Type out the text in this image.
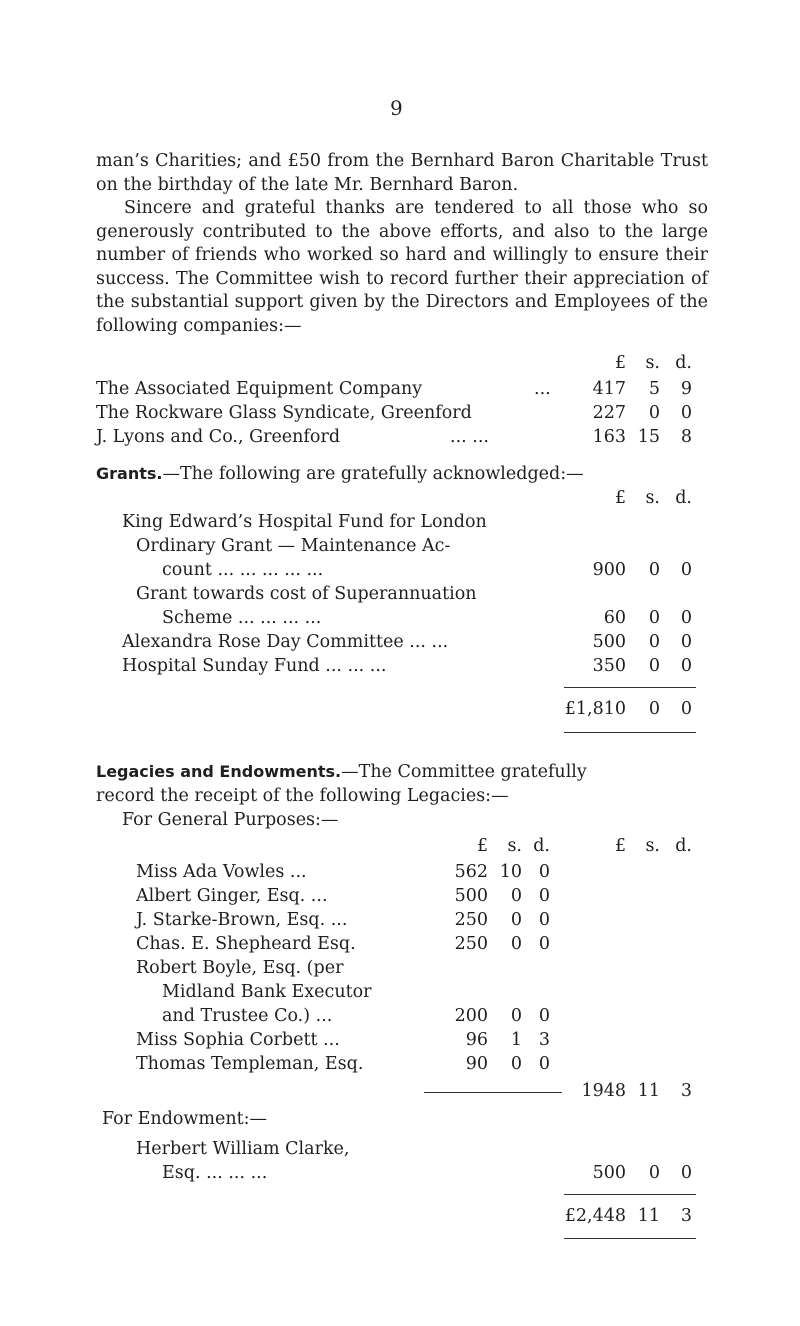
9
man’s Charities; and £50 from the Bernhard Baron Charitable Trust on the birthday of the late Mr. Bernhard Baron.
Sincere and grateful thanks are tendered to all those who so generously contributed to the above efforts, and also to the large number of friends who worked so hard and willingly to ensure their success. The Committee wish to record further their appreciation of the substantial support given by the Directors and Employees of the following companies:—
£	s. d.
The Associated Equipment Company	...	417	5	9
The Rockware Glass Syndicate, Greenford	227	0	0
J. Lyons and Co., Greenford	... ...	163 15	8
Grants.—The following are gratefully acknowledged:—
£	s. d.
King Edward’s Hospital Fund for London
Ordinary Grant — Maintenance Ac-
count ... ... ... ... ...	900	0	0
Grant towards cost of Superannuation
Scheme ... ... ... ...	60	0	0
Alexandra Rose Day Committee ... ...	500	0	0
Hospital Sunday Fund ... ... ...	350	0	0
£1,810	0	0
Legacies and Endowments.—The Committee gratefully
record the receipt of the following Legacies:—
For General Purposes:—
£	s. d.	£	s. d.
Miss Ada Vowles ...	562 10 0
Albert Ginger, Esq. ...	500	0 0
J. Starke-Brown, Esq. ...	250	0 0
Chas. E. Shepheard Esq.	250	0 0
Robert Boyle, Esq. (per
Midland Bank Executor
and Trustee Co.) ...	200	0 0
Miss Sophia Corbett ...	96	1 3
Thomas Templeman, Esq.	90	0 0
1948 11	3
For Endowment:—
Herbert William Clarke,
Esq. ... ... ...	500	0	0
£2,448 11	3
